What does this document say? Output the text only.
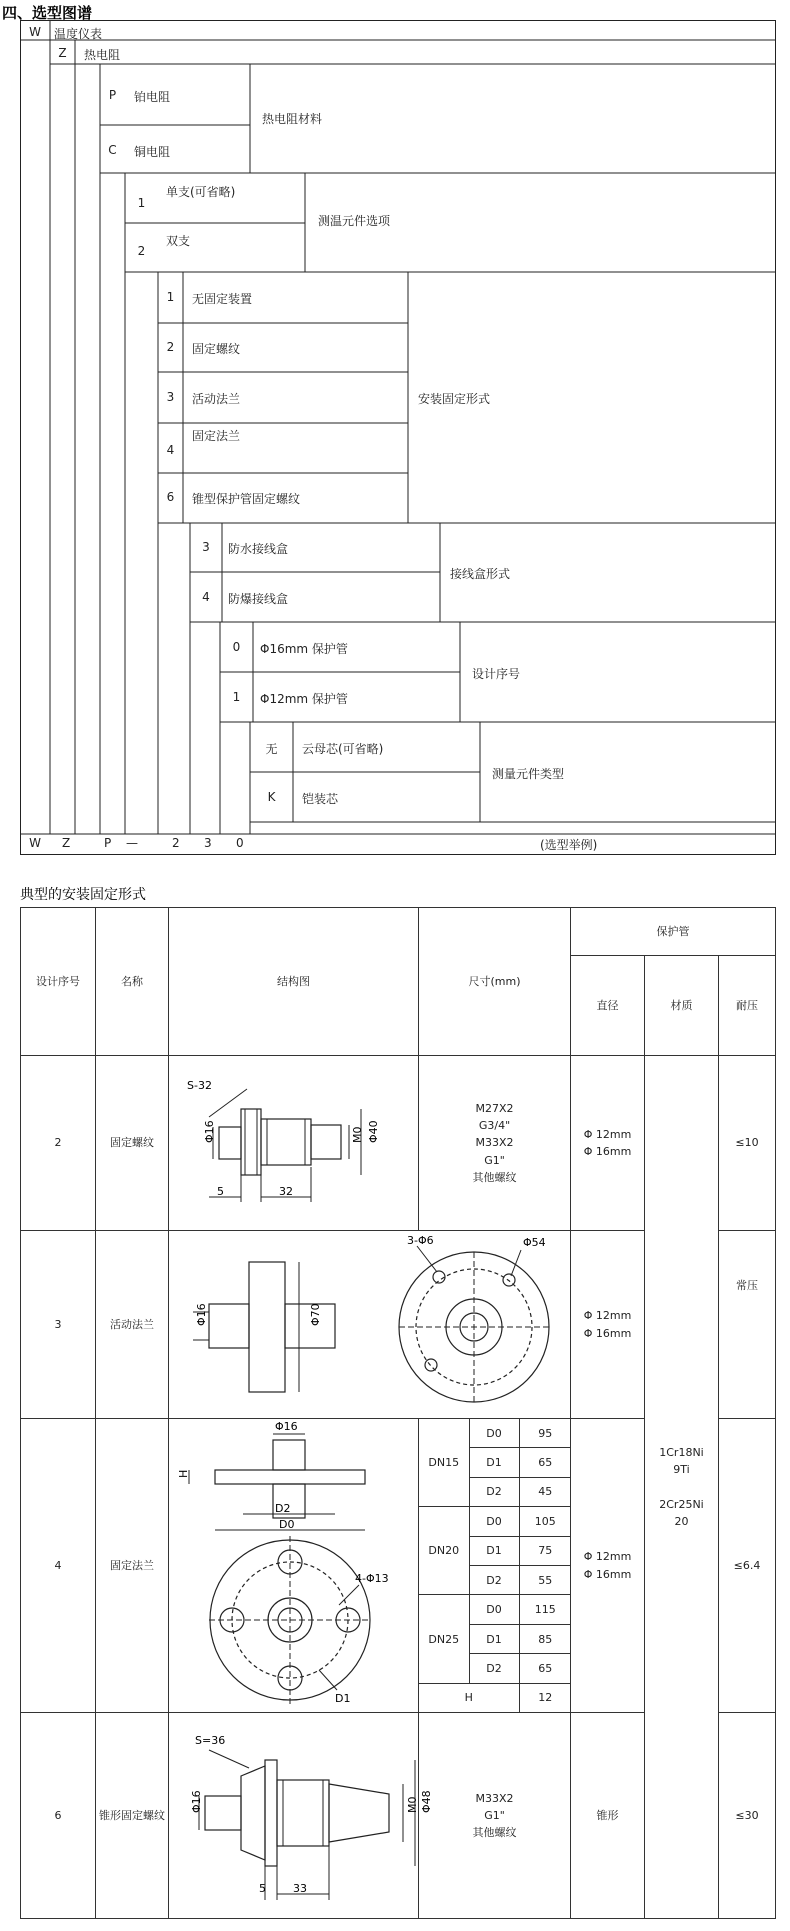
四、选型图谱
W	温度仪表
Z	热电阻
P	铂电阻
C	铜电阻
热电阻材料
1
单支(可省略)
2
双支
测温元件选项
1	无固定装置
2	固定螺纹
3	活动法兰
4
固定法兰
6	锥型保护管固定螺纹
安装固定形式
3	防水接线盒
4	防爆接线盒
接线盒形式
0	Φ16mm 保护管
1	Φ12mm 保护管
设计序号
无	云母芯(可省略)
K	铠装芯
测量元件类型
W	Z	P —	2 3 0	(选型举例)
典型的安装固定形式
设计序号	名称	结构图	尺寸(mm)	保护管
直径	材质	耐压
2	固定螺纹	
S-32
Φ16	M0 Φ40
5	32
	M27X2
G3/4"
M33X2
G1"
其他螺纹	Φ 12mm
Φ 16mm	1Cr18Ni
9Ti

2Cr25Ni
20	≤10
3	活动法兰	
3-Φ6	Φ54
Φ16	Φ70	Φ 12mm
Φ 16mm	常压
4	固定法兰	
Φ16
H
D2
D0
4-Φ13
D1

DN15	D0	95
D1	65
D2	45
DN20	D0	105
D1	75
D2	55
DN25	D0	115
D1	85
D2	65
H	12
	Φ 12mm
Φ 16mm	≤6.4
6	锥形固定螺纹	
S=36
Φ16	M0 Φ48
5 33
	M33X2
G1"
其他螺纹	锥形	≤30
